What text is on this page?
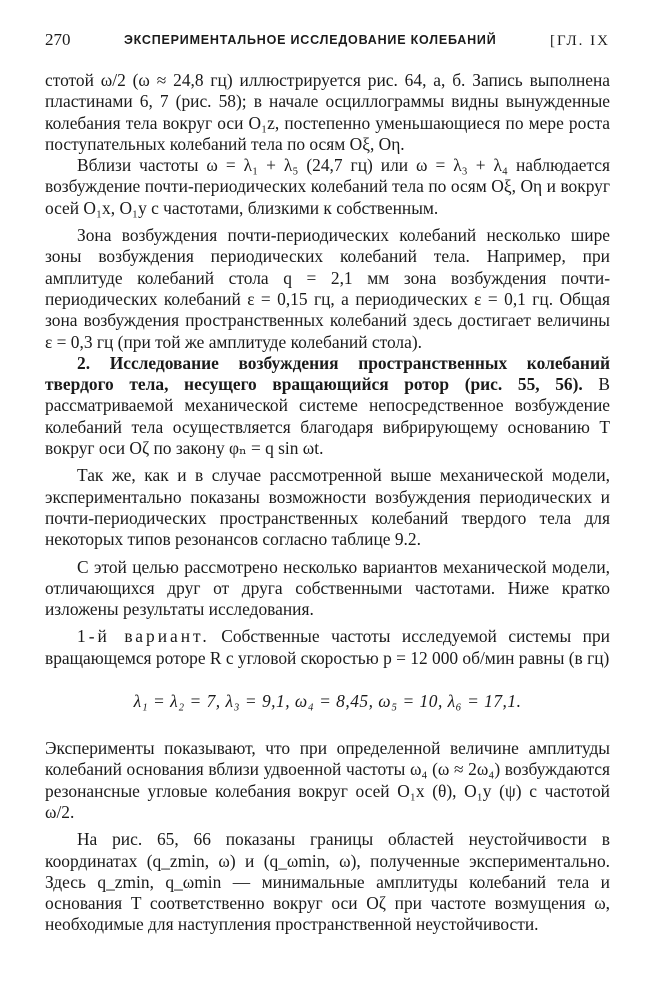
270	ЭКСПЕРИМЕНТАЛЬНОЕ ИССЛЕДОВАНИЕ КОЛЕБАНИЙ	[ГЛ. IX

стотой ω/2 (ω ≈ 24,8 гц) иллюстрируется рис. 64, а, б. Запись выполнена пластинами 6, 7 (рис. 58); в начале осциллограммы видны вынужденные колебания тела вокруг оси O₁z, постепенно уменьшающиеся по мере роста поступательных колебаний тела по осям Oξ, Oη.

Вблизи частоты ω = λ₁ + λ₅ (24,7 гц) или ω = λ₃ + λ₄ наблюдается возбуждение почти-периодических колебаний тела по осям Oξ, Oη и вокруг осей O₁x, O₁y с частотами, близкими к собственным.

Зона возбуждения почти-периодических колебаний несколько шире зоны возбуждения периодических колебаний тела. Например, при амплитуде колебаний стола q = 2,1 мм зона возбуждения почти-периодических колебаний ε = 0,15 гц, а периодических ε = 0,1 гц. Общая зона возбуждения пространственных колебаний здесь достигает величины ε = 0,3 гц (при той же амплитуде колебаний стола).

2. Исследование возбуждения пространственных колебаний твердого тела, несущего вращающийся ротор (рис. 55, 56). В рассматриваемой механической системе непосредственное возбуждение колебаний тела осуществляется благодаря вибрирующему основанию T вокруг оси Oζ по закону φₙ = q sin ωt.

Так же, как и в случае рассмотренной выше механической модели, экспериментально показаны возможности возбуждения периодических и почти-периодических пространственных колебаний твердого тела для некоторых типов резонансов согласно таблице 9.2.

С этой целью рассмотрено несколько вариантов механической модели, отличающихся друг от друга собственными частотами. Ниже кратко изложены результаты исследования.

1-й вариант. Собственные частоты исследуемой системы при вращающемся роторе R с угловой скоростью p = 12 000 об/мин равны (в гц)

λ₁ = λ₂ = 7, λ₃ = 9,1, ω₄ = 8,45, ω₅ = 10, λ₆ = 17,1.

Эксперименты показывают, что при определенной величине амплитуды колебаний основания вблизи удвоенной частоты ω₄ (ω ≈ 2ω₄) возбуждаются резонансные угловые колебания вокруг осей O₁x (θ), O₁y (ψ) с частотой ω/2.

На рис. 65, 66 показаны границы областей неустойчивости в координатах (q_zmin, ω) и (q_ωmin, ω), полученные экспериментально. Здесь q_zmin, q_ωmin — минимальные амплитуды колебаний тела и основания T соответственно вокруг оси Oζ при частоте возмущения ω, необходимые для наступления пространственной неустойчивости.
